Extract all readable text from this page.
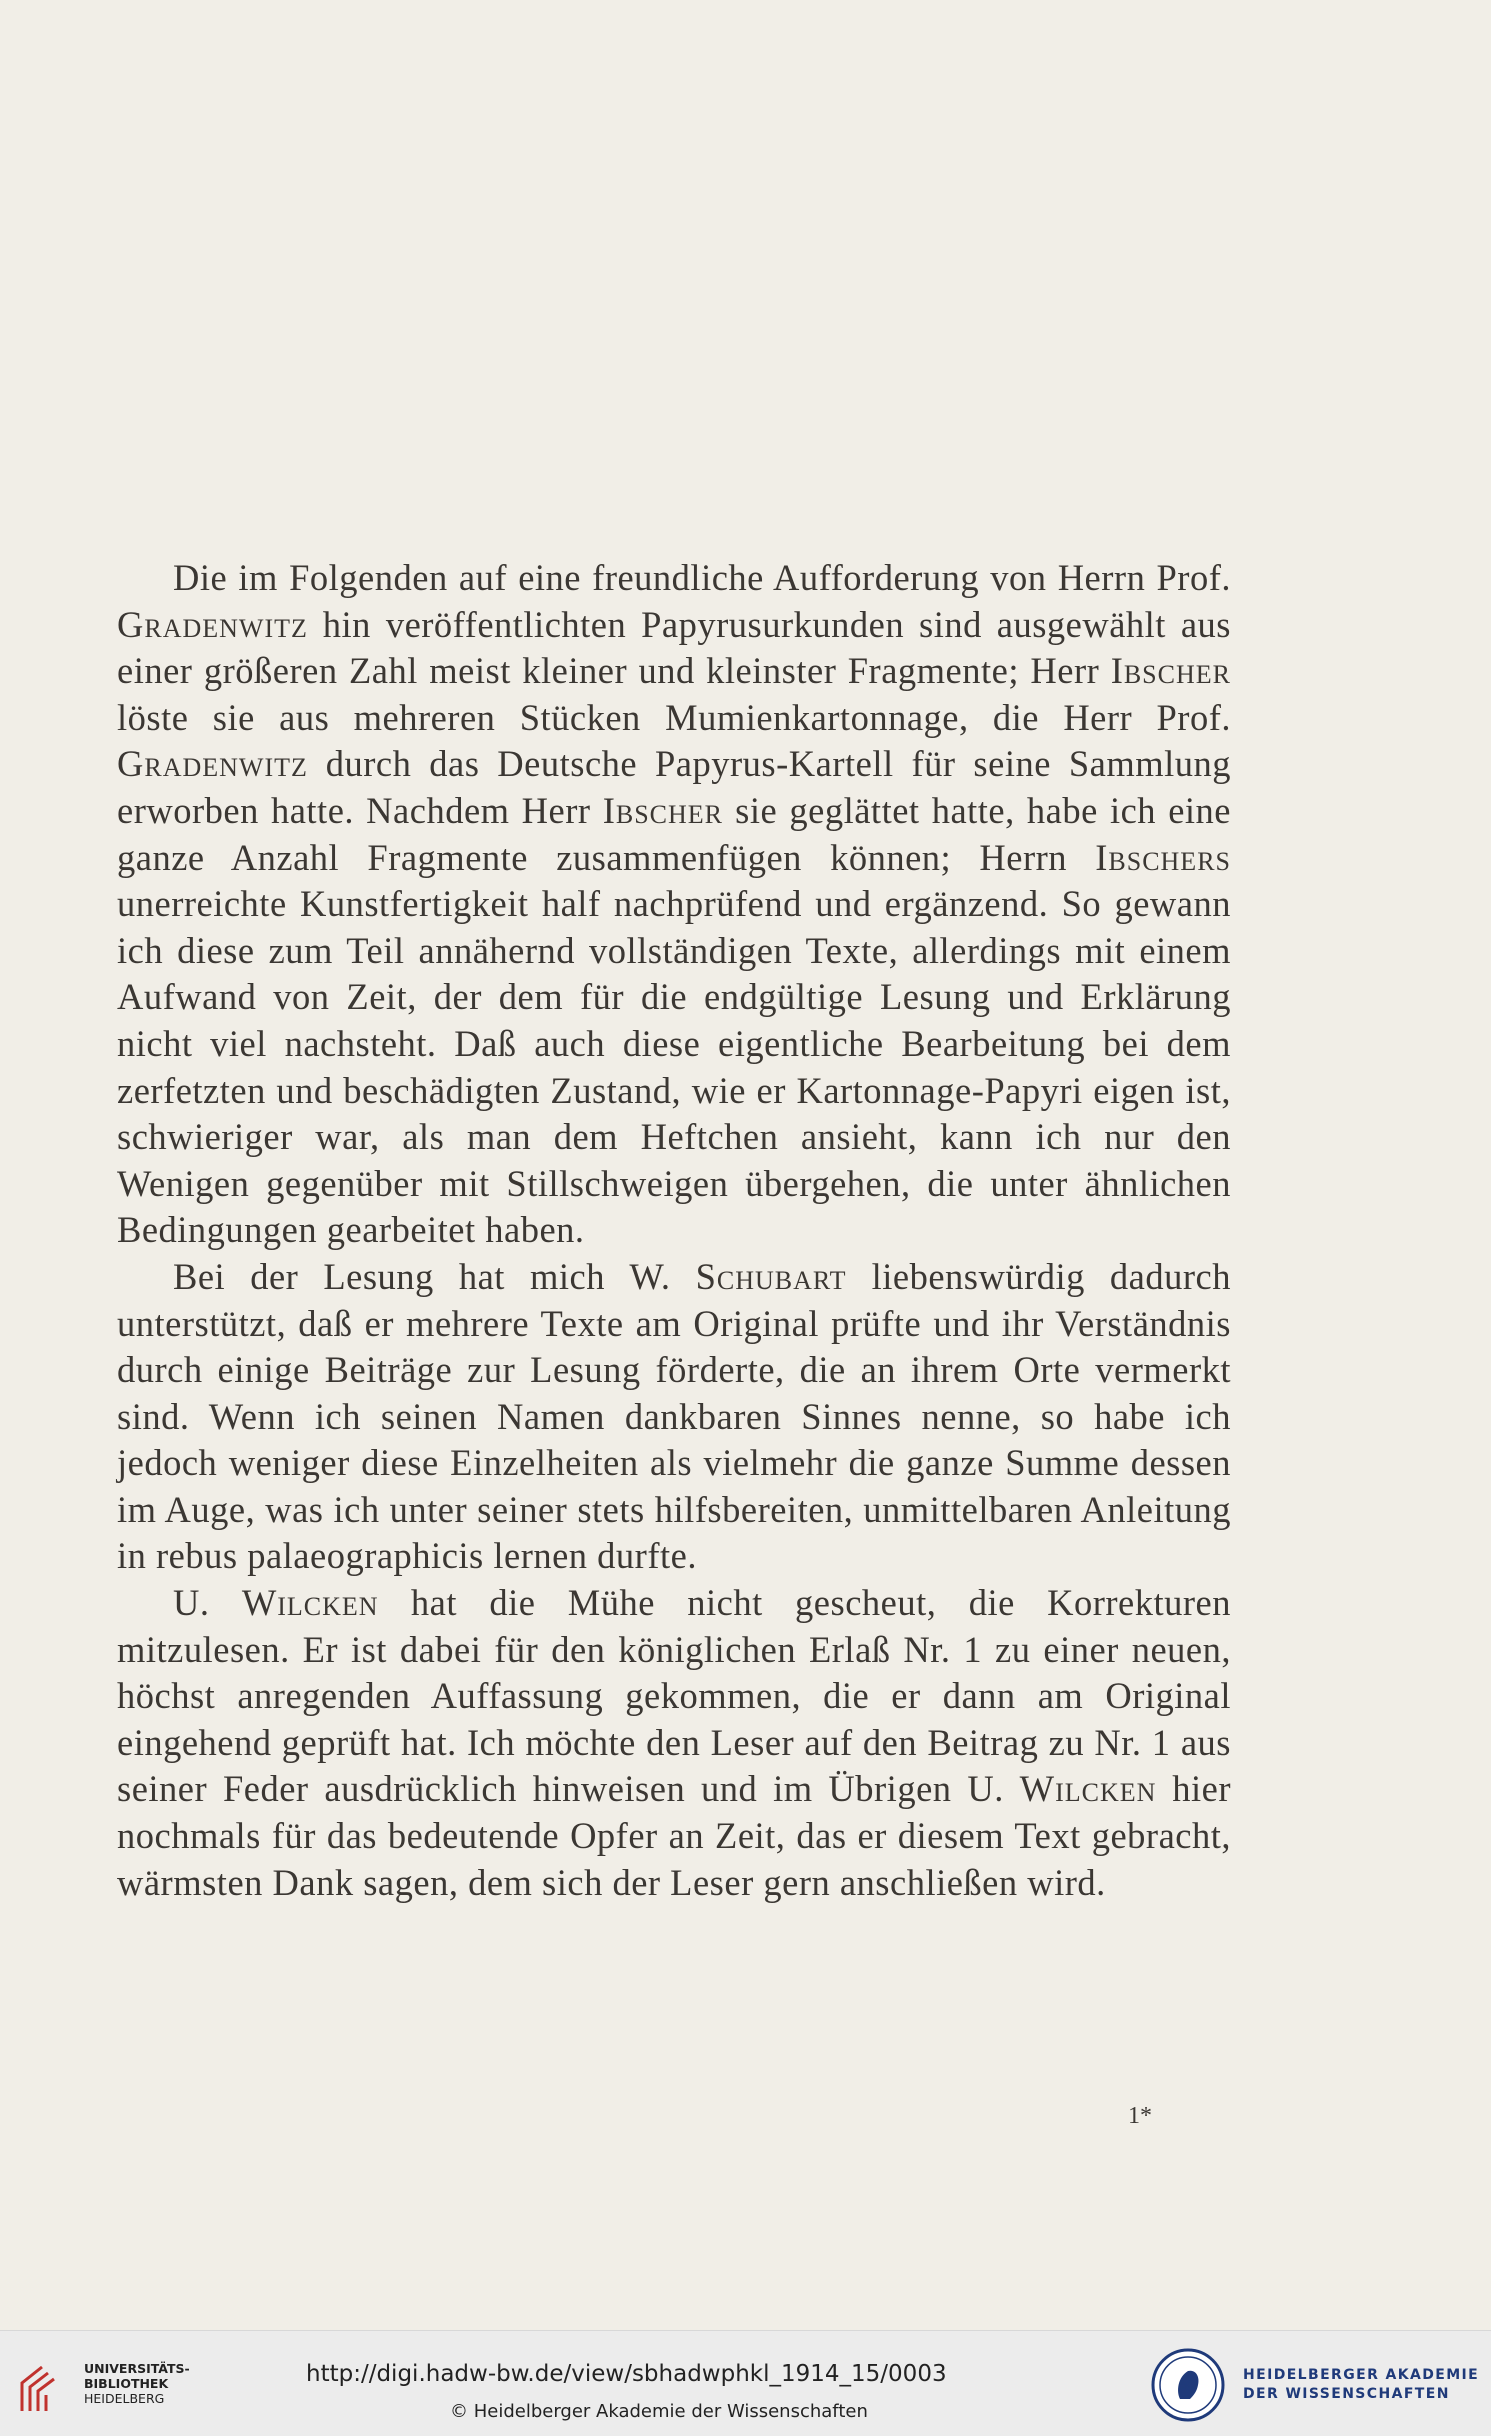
Die im Folgenden auf eine freundliche Aufforderung von Herrn Prof. Gradenwitz hin veröffentlichten Papyrusurkunden sind ausgewählt aus einer größeren Zahl meist kleiner und kleinster Fragmente; Herr Ibscher löste sie aus mehreren Stücken Mumienkartonnage, die Herr Prof. Gradenwitz durch das Deutsche Papyrus-Kartell für seine Sammlung erworben hatte. Nachdem Herr Ibscher sie geglättet hatte, habe ich eine ganze Anzahl Fragmente zusammenfügen können; Herrn Ibschers unerreichte Kunstfertigkeit half nachprüfend und ergänzend. So gewann ich diese zum Teil annähernd vollständigen Texte, allerdings mit einem Aufwand von Zeit, der dem für die endgültige Lesung und Erklärung nicht viel nachsteht. Daß auch diese eigentliche Bearbeitung bei dem zerfetzten und beschädigten Zustand, wie er Kartonnage-Papyri eigen ist, schwieriger war, als man dem Heftchen ansieht, kann ich nur den Wenigen gegenüber mit Stillschweigen übergehen, die unter ähnlichen Bedingungen gearbeitet haben.

Bei der Lesung hat mich W. Schubart liebenswürdig dadurch unterstützt, daß er mehrere Texte am Original prüfte und ihr Verständnis durch einige Beiträge zur Lesung förderte, die an ihrem Orte vermerkt sind. Wenn ich seinen Namen dankbaren Sinnes nenne, so habe ich jedoch weniger diese Einzelheiten als vielmehr die ganze Summe dessen im Auge, was ich unter seiner stets hilfsbereiten, unmittelbaren Anleitung in rebus palaeographicis lernen durfte.

U. Wilcken hat die Mühe nicht gescheut, die Korrekturen mitzulesen. Er ist dabei für den königlichen Erlaß Nr. 1 zu einer neuen, höchst anregenden Auffassung gekommen, die er dann am Original eingehend geprüft hat. Ich möchte den Leser auf den Beitrag zu Nr. 1 aus seiner Feder ausdrücklich hinweisen und im Übrigen U. Wilcken hier nochmals für das bedeutende Opfer an Zeit, das er diesem Text gebracht, wärmsten Dank sagen, dem sich der Leser gern anschließen wird.

1*
UNIVERSITÄTS-
BIBLIOTHEK
HEIDELBERG
http://digi.hadw-bw.de/view/sbhadwphkl_1914_15/0003
© Heidelberger Akademie der Wissenschaften
HEIDELBERGER AKADEMIE
DER WISSENSCHAFTEN
